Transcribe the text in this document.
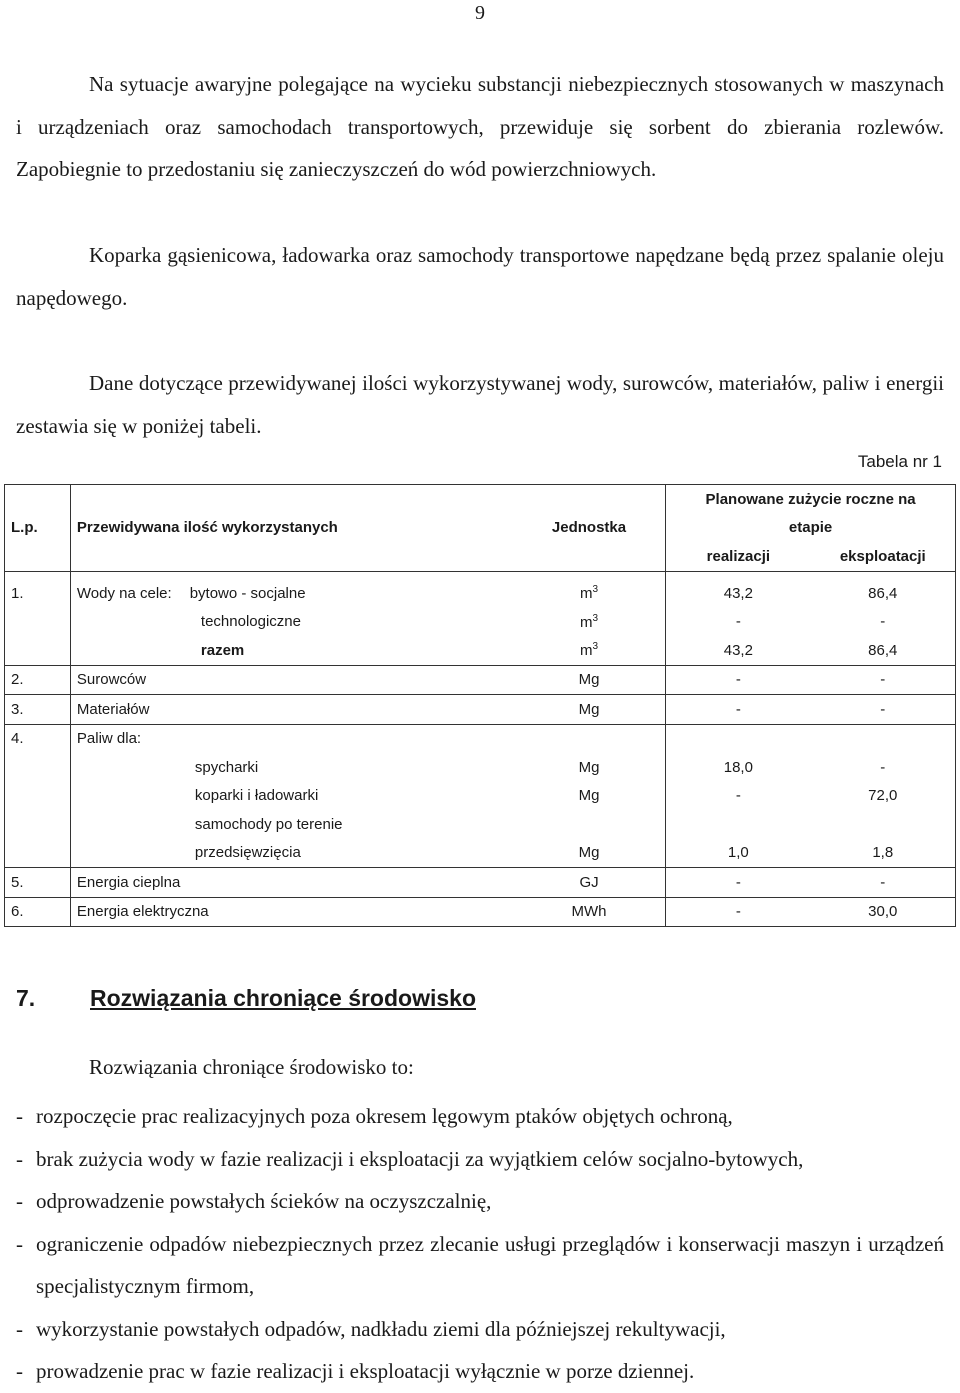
9

Na sytuacje awaryjne polegające na wycieku substancji niebezpiecznych stosowanych w maszynach i urządzeniach oraz samochodach transportowych, przewiduje się sorbent do zbierania rozlewów. Zapobiegnie to przedostaniu się zanieczyszczeń do wód powierzchniowych.

Koparka gąsienicowa, ładowarka oraz samochody transportowe napędzane będą przez spalanie oleju napędowego.

Dane dotyczące przewidywanej ilości wykorzystywanej wody, surowców, materiałów, paliw i energii zestawia się w poniżej tabeli.

Tabela nr 1
L.p.	Przewidywana ilość wykorzystanych	Jednostka	Planowane zużycie roczne na	
			etapie	
			realizacji	eksploatacji

1.	Wody na cele: bytowo - socjalne	$m^3$	43,2	86,4
	technologiczne	$m^3$	-	-
	razem	$m^3$	43,2	86,4
2.	Surowców	Mg	-	-
3.	Materiałów	Mg	-	-
4.	Paliw dla:			
	spycharki	Mg	18,0	-
	koparki i ładowarki	Mg	-	72,0
	samochody po terenie			
	przedsięwzięcia	Mg	1,0	1,8
5.	Energia cieplna	GJ	-	-
6.	Energia elektryczna	MWh	-	30,0
7. Rozwiązania chroniące środowisko
Rozwiązania chroniące środowisko to:
- rozpoczęcie prac realizacyjnych poza okresem lęgowym ptaków objętych ochroną,
- brak zużycia wody w fazie realizacji i eksploatacji za wyjątkiem celów socjalno-bytowych,
- odprowadzenie powstałych ścieków na oczyszczalnię,
- ograniczenie odpadów niebezpiecznych przez zlecanie usługi przeglądów i konserwacji maszyn i urządzeń specjalistycznym firmom,
- wykorzystanie powstałych odpadów, nadkładu ziemi dla późniejszej rekultywacji,
- prowadzenie prac w fazie realizacji i eksploatacji wyłącznie w porze dziennej.
